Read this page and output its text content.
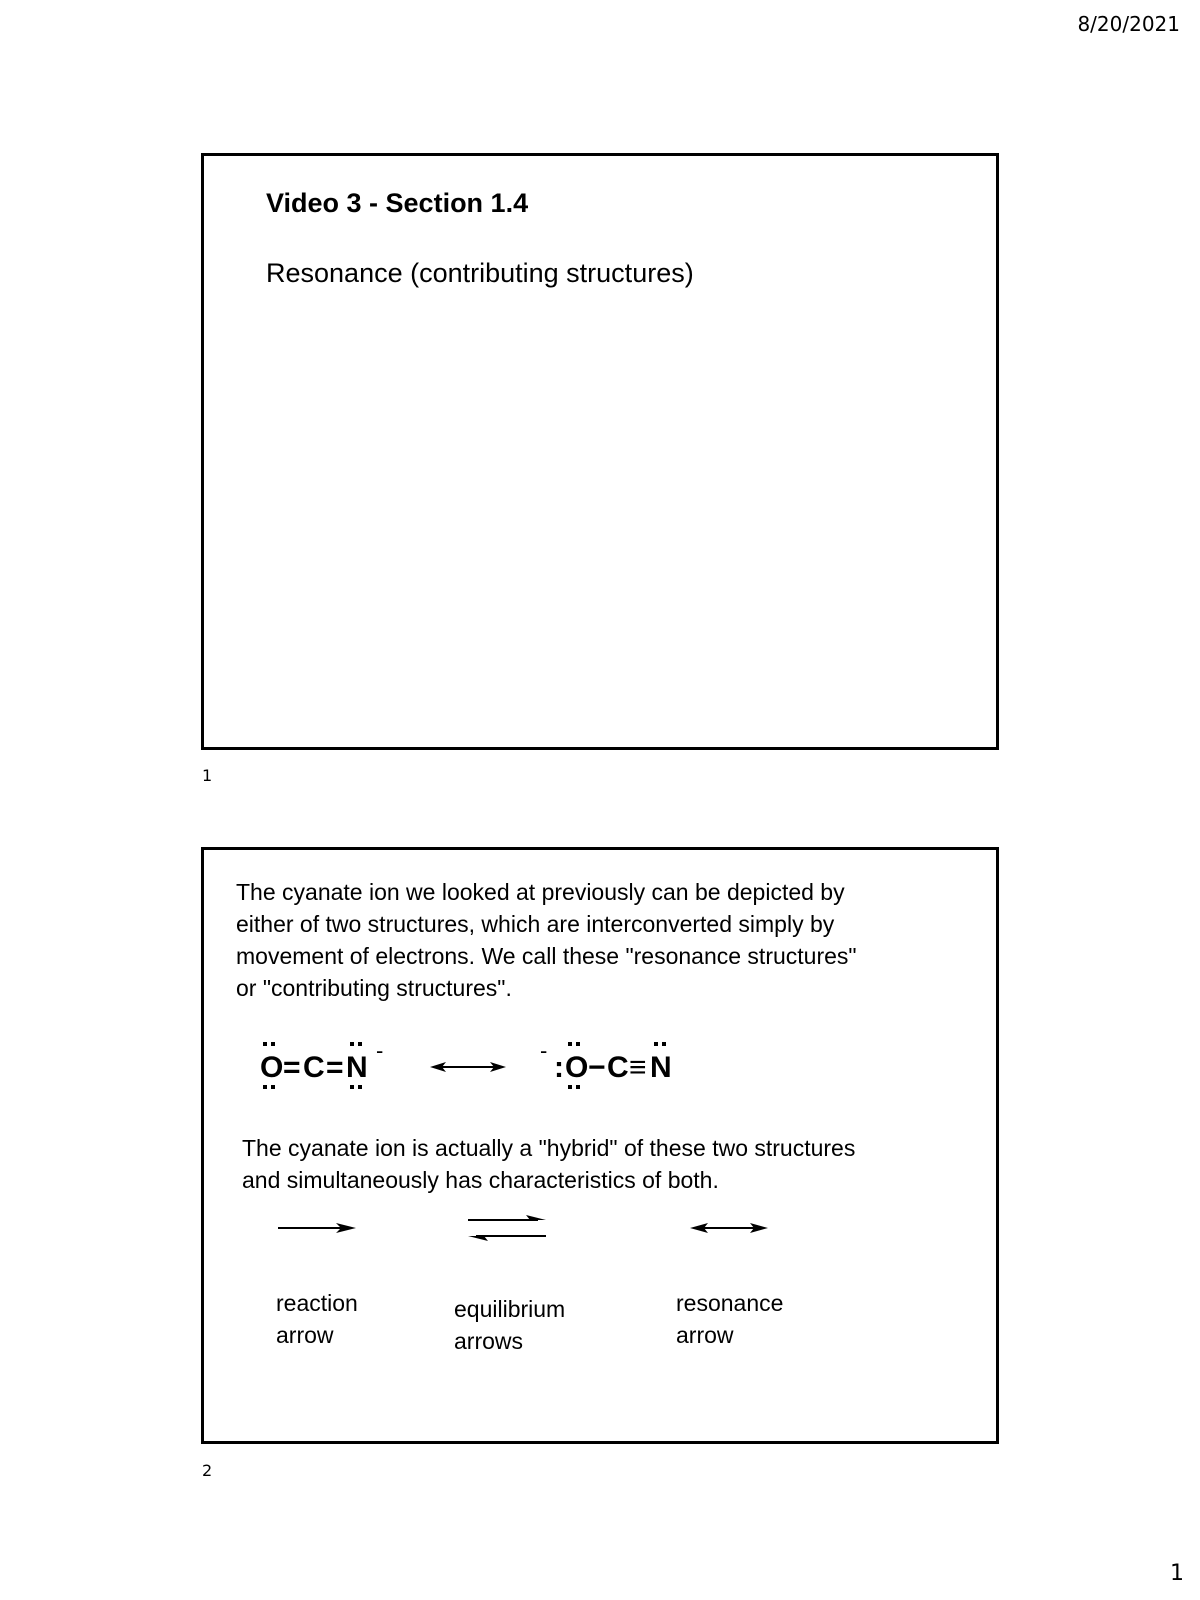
8/20/2021
Video 3 - Section 1.4
Resonance (contributing structures)
1
The cyanate ion we looked at previously can be depicted by
either of two structures, which are interconverted simply by
movement of electrons. We call these "resonance structures"
or "contributing structures".
O = C = N
-	-
: O − C ≡ N
The cyanate ion is actually a "hybrid" of these two structures
and simultaneously has characteristics of both.
reaction
arrow
equilibrium
arrows
resonance
arrow
2
1
